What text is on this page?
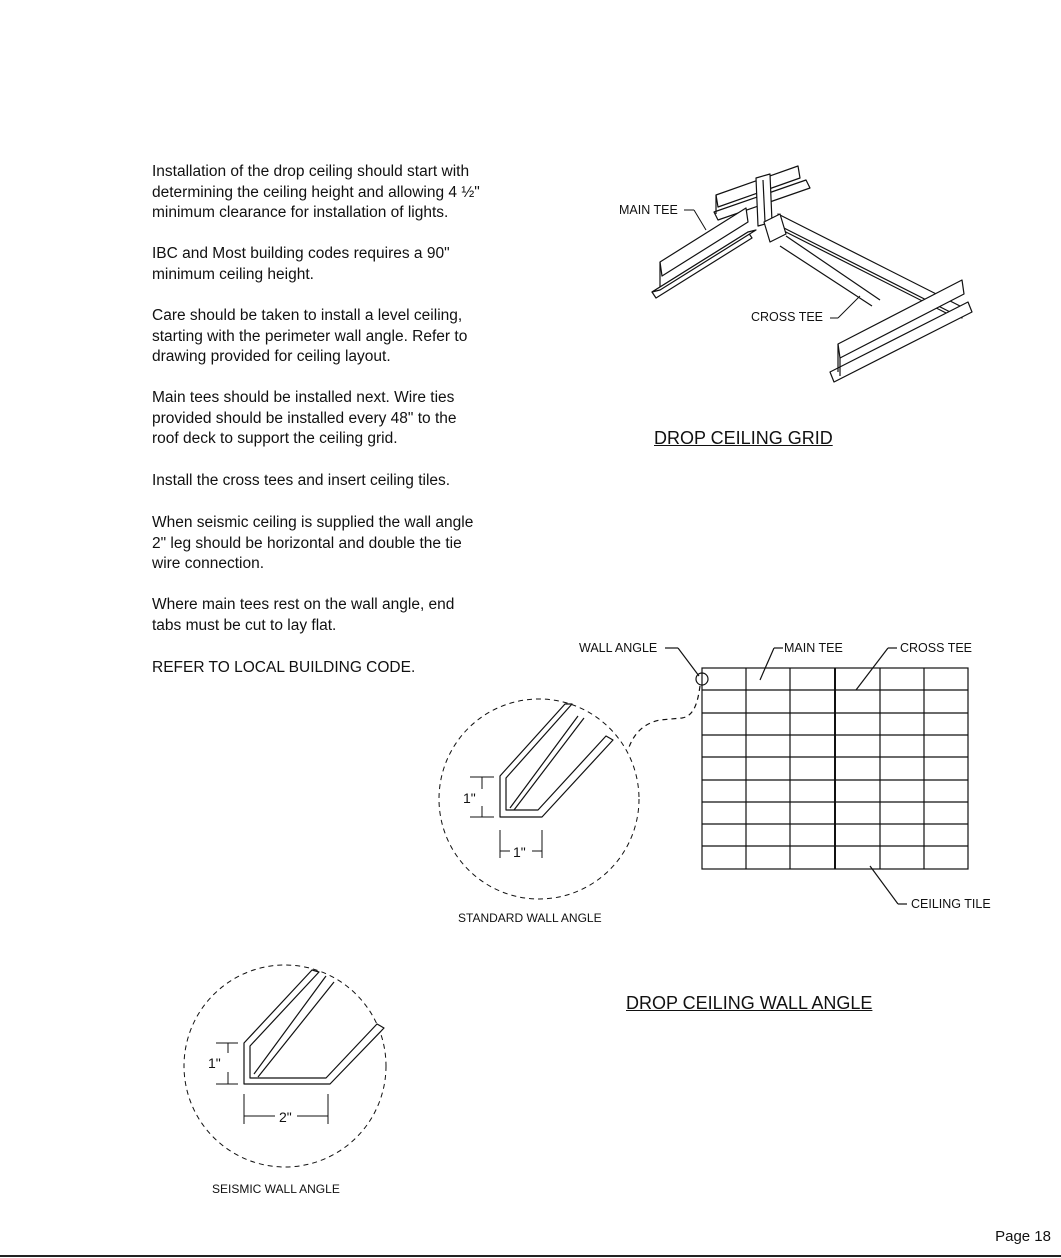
Installation of the drop ceiling should start with
determining the ceiling height and allowing 4 ½"
minimum clearance for installation of lights.

IBC and Most building codes requires a 90"
minimum ceiling height.

Care should be taken to install a level ceiling,
starting with the perimeter wall angle. Refer to
drawing provided for ceiling layout.

Main tees should be installed next. Wire ties
provided should be installed every 48" to the
roof deck to support the ceiling grid.

Install the cross tees and insert ceiling tiles.

When seismic ceiling is supplied the wall angle
2" leg should be horizontal and double the tie
wire connection.

Where main tees rest on the wall angle, end
tabs must be cut to lay flat.

REFER TO LOCAL BUILDING CODE.

MAIN TEE
CROSS TEE
DROP CEILING GRID
WALL ANGLE	MAIN TEE	CROSS TEE
CEILING TILE
DROP CEILING WALL ANGLE
1"
1"
STANDARD WALL ANGLE
1"
2"
SEISMIC WALL ANGLE
Page 18
